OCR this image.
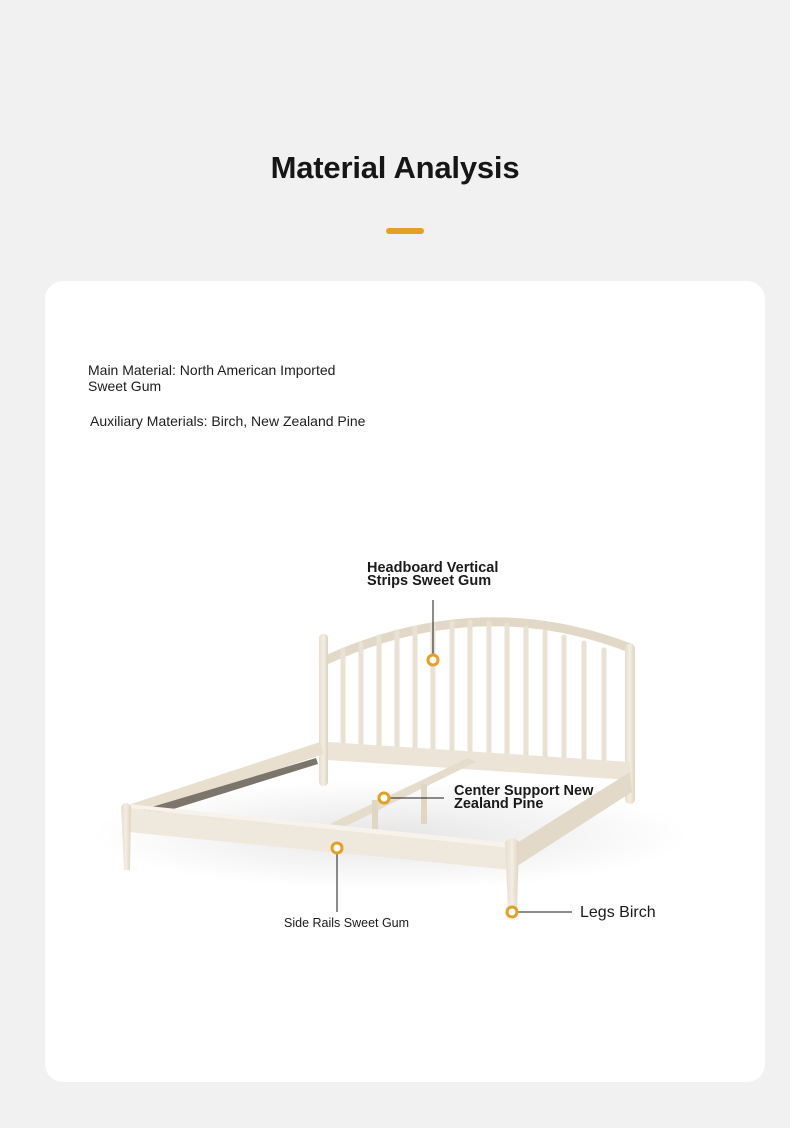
Material Analysis
Main Material: North American Imported Sweet Gum
Auxiliary Materials: Birch, New Zealand Pine
Headboard Vertical Strips Sweet Gum
Center Support New Zealand Pine
Legs Birch
Side Rails Sweet Gum
